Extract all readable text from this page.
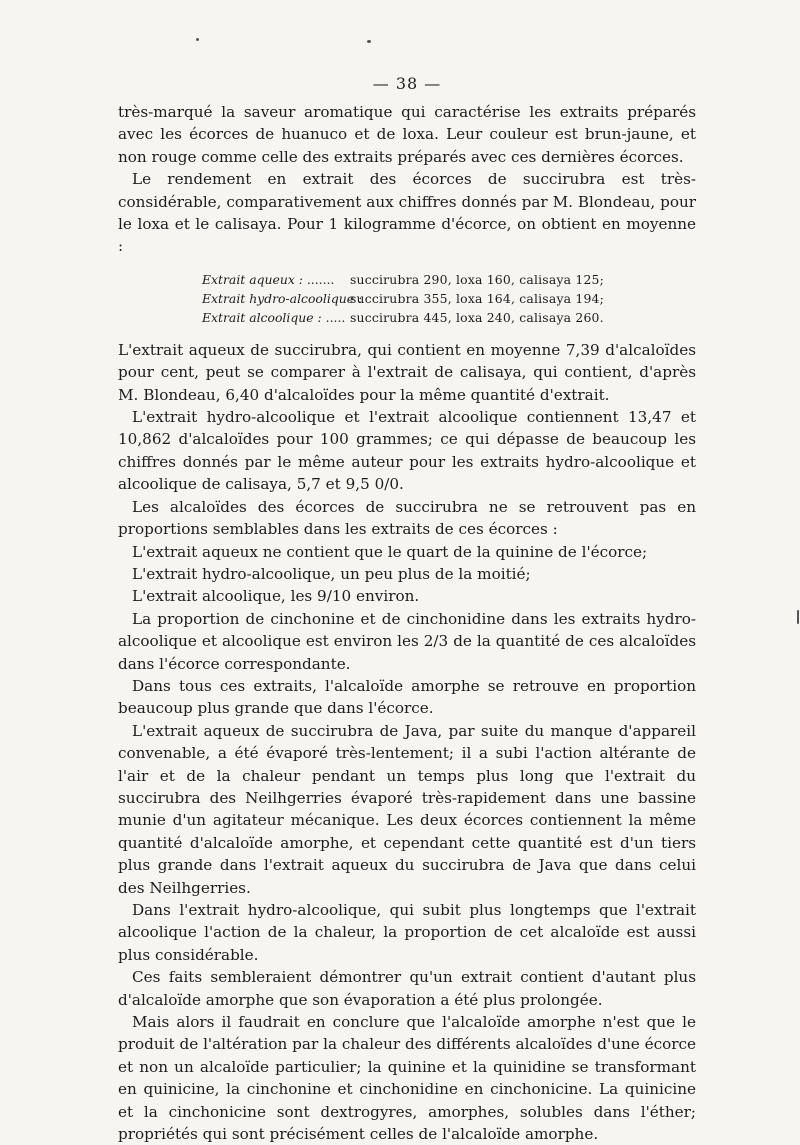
— 38 —

très-marqué la saveur aromatique qui caractérise les extraits préparés avec les écorces de huanuco et de loxa. Leur couleur est brun-jaune, et non rouge comme celle des extraits préparés avec ces dernières écorces.

Le rendement en extrait des écorces de succirubra est très-considérable, comparativement aux chiffres donnés par M. Blondeau, pour le loxa et le calisaya. Pour 1 kilogramme d'écorce, on obtient en moyenne :

Extrait aqueux : .......	succirubra 290, loxa 160, calisaya 125;
Extrait hydro-alcoolique :
succirubra 355, loxa 164, calisaya 194;
Extrait alcoolique : ..... succirubra 445, loxa 240, calisaya 260.

L'extrait aqueux de succirubra, qui contient en moyenne 7,39 d'alcaloïdes pour cent, peut se comparer à l'extrait de calisaya, qui contient, d'après M. Blondeau, 6,40 d'alcaloïdes pour la même quantité d'extrait.

L'extrait hydro-alcoolique et l'extrait alcoolique contiennent 13,47 et 10,862 d'alcaloïdes pour 100 grammes; ce qui dépasse de beaucoup les chiffres donnés par le même auteur pour les extraits hydro-alcoolique et alcoolique de calisaya, 5,7 et 9,5 0/0.

Les alcaloïdes des écorces de succirubra ne se retrouvent pas en proportions semblables dans les extraits de ces écorces :

L'extrait aqueux ne contient que le quart de la quinine de l'écorce;

L'extrait hydro-alcoolique, un peu plus de la moitié;

L'extrait alcoolique, les 9/10 environ.

La proportion de cinchonine et de cinchonidine dans les extraits hydro-alcoolique et alcoolique est environ les 2/3 de la quantité de ces alcaloïdes dans l'écorce correspondante.

Dans tous ces extraits, l'alcaloïde amorphe se retrouve en proportion beaucoup plus grande que dans l'écorce.

L'extrait aqueux de succirubra de Java, par suite du manque d'appareil convenable, a été évaporé très-lentement; il a subi l'action altérante de l'air et de la chaleur pendant un temps plus long que l'extrait du succirubra des Neilhgerries évaporé très-rapidement dans une bassine munie d'un agitateur mécanique. Les deux écorces contiennent la même quantité d'alcaloïde amorphe, et cependant cette quantité est d'un tiers plus grande dans l'extrait aqueux du succirubra de Java que dans celui des Neilhgerries.

Dans l'extrait hydro-alcoolique, qui subit plus longtemps que l'extrait alcoolique l'action de la chaleur, la proportion de cet alcaloïde est aussi plus considérable.

Ces faits sembleraient démontrer qu'un extrait contient d'autant plus d'alcaloïde amorphe que son évaporation a été plus prolongée.

Mais alors il faudrait en conclure que l'alcaloïde amorphe n'est que le produit de l'altération par la chaleur des différents alcaloïdes d'une écorce et non un alcaloïde particulier; la quinine et la quinidine se transformant en quinicine, la cinchonine et cinchonidine en cinchonicine. La quinicine et la cinchonicine sont dextrogyres, amorphes, solubles dans l'éther; propriétés qui sont précisément celles de l'alcaloïde amorphe.
